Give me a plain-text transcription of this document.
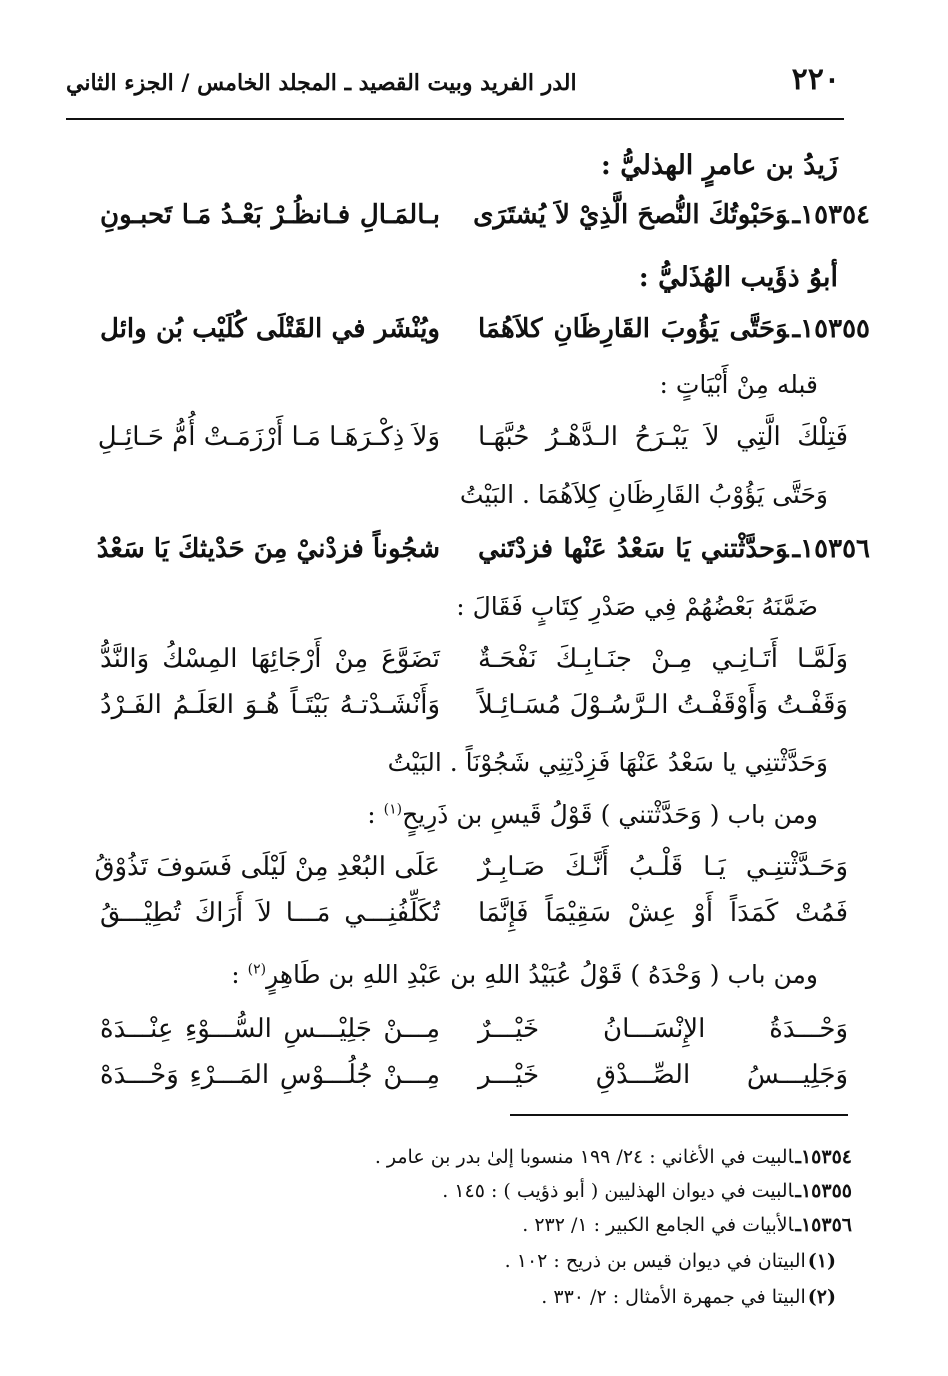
٢٢٠
الدر الفريد وبيت القصيد ـ المجلد الخامس / الجزء الثاني
زَيدُ بن عامرٍ الهذليُّ :
١٥٣٥٤ـوَحَبْوتُكَ النُّصحَ الَّذِيْ لاَ يُشتَرَى
بـالمَـالِ فـانظُـرْ بَعْـدُ مَـا تَحبـونِ
أبوُ ذؤَيب الهُذَليُّ :
١٥٣٥٥ـوَحَتَّى يَؤُوبَ القَارِظَانِ كلاَهُمَا
ويُنْشَر في القَتْلَى كُلَيْب بُن وائل
قبله مِنْ أَبْيَاتٍ :
فَتِلْكَ الَّتِي لاَ يَبْـرَحُ الـدَّهْـرُ حُبَّهَـا
وَلاَ ذِكْـرَهَـا مَـا أَرْزَمَـتْ أُمُّ حَـائِـلِ
وَحَتَّى يَؤُوْبُ القَارِظَانِ كِلاَهُمَا . البَيْتُ
١٥٣٥٦ـوَحدَّثْتني يَا سَعْدُ عَنْها فزدْتَني
شجُوناً فزدْنيْ مِنَ حَدْيثكَ يَا سَعْدُ
ضَمَّنَهُ بَعْضُهُمْ فِي صَدْرِ كِتَابٍ فَقَالَ :
وَلَمَّـا أَتَـانِـي مِـنْ جنَـابِـكَ نَفْحَـةٌ
تَضَوَّعَ مِنْ أَرْجَائِهَا المِسْكُ وَالنَّدُّ
وَقَفْـتُ وَأَوْقَفْـتُ الـرَّسُـوْلَ مُسَـائِـلاً
وَأَنْشَـدْتـهُ بَيْتَـاً هُـوَ العَلَـمُ الفَـرْدُ
وَحَدَّثْتنِي يا سَعْدُ عَنْهَا فَزِدْتِنِي شَجُوْنَاً . البَيْتُ
ومن باب ( وَحَدَّثْتني ) قَوْلُ قَيسِ بن ذَرِيحٍ$^{(١)}$ :
وَحَـدَّثْتنِـي يَـا قَلْـبُ أَنَّـكَ صَـابِـرٌ
عَلَى البُعْدِ مِنْ لَيْلَى فَسَوفَ تَذُوْقُ
فَمُتْ كَمَدَاً أَوْ عِشْ سَقِيْمَاً فَإِنَّمَا
تُكَلِّفُنِـــي مَـــا لاَ أَرَاكَ تُطِيْـــقُ
ومن باب ( وَحْدَهُ ) قَوْلُ عُبَيْدُ اللهِ بن عَبْدِ اللهِ بن طَاهِرٍ$^{(٢)}$ :
وَحْـــدَةُ الإِنْسَـــانُ خَيْـــرٌ
مِـــنْ جَلِيْـــسِ السُّـــوْءِ عِنْـــدَهْ
وَجَلِيـــسُ الصِّـــدْقِ خَيْـــر
مِـــنْ جُلُـــوْسِ المَـــرْءِ وَحْـــدَهْ
١٥٣٥٤ـالبيت في الأغاني : ٢٤/ ١٩٩ منسوبا إلىٰ بدر بن عامر .
١٥٣٥٥ـالبيت في ديوان الهذليين ( أبو ذؤيب ) : ١٤٥ .
١٥٣٥٦ـالأبيات في الجامع الكبير : ١/ ٢٣٢ .
(١)البيتان في ديوان قيس بن ذريح : ١٠٢ .
(٢)البيتا في جمهرة الأمثال : ٢/ ٣٣٠ .
